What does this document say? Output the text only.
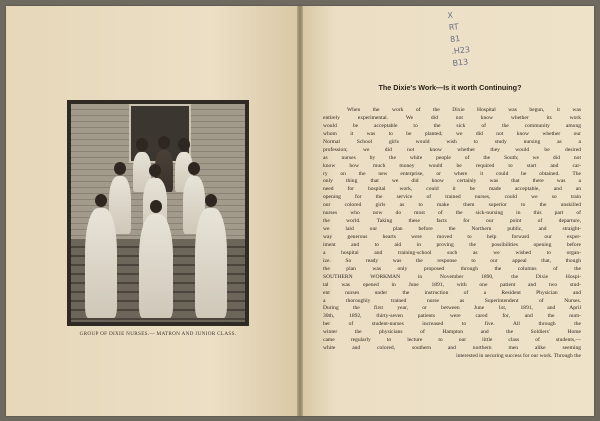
GROUP OF DIXIE NURSES.— MATRON AND JUNIOR CLASS.
X
RT
81
.H23
B13
The Dixie's Work—Is it worth Continuing?
When the work of the Dixie Hospital was begun, it was
entirely experimental. We did not know whether its work
would be acceptable to the sick of the community among
whom it was to be planted; we did not know whether our
Normal School girls would wish to study nursing as a
profession; we did not know whether they would be desired
as nurses by the white people of the South; we did not
know how much money would be required to start and car-
ry on the new enterprise, or where it could be obtained. The
only thing that we did know certainly was that there was a
need for hospital work, could it be made acceptable, and an
opening for the service of trained nurses, could we so train
our colored girls as to make them superior to the unskilled
nurses who now do most of the sick-nursing in this part of
the world. Taking these facts for our point of departure,
we laid our plan before the Northern public, and straight-
way generous hearts were moved to help forward our exper-
iment and to aid in proving the possibilities opening before
a hospital and training-school such as we wished to organ-
ize. So ready was the response to our appeal that, though
the plan was only proposed through the columns of the
SOUTHERN WORKMAN in November 1890, the Dixie Hospi-
tal was opened in June 1891, with one patient and two stud-
ent nurses under the instruction of a Resident Physician and
a thoroughly trained nurse as Superintendent of Nurses.
During the first year, or between June 1st, 1891, and April
30th, 1892, thirty-seven patients were cared for, and the num-
ber of student-nurses increased to five. All through the
winter the physicians of Hampton and the Soldiers' Home
came regularly to lecture to our little class of students,—
white and colored, southern and northern men alike seeming
interested in securing success for our work. Through the
